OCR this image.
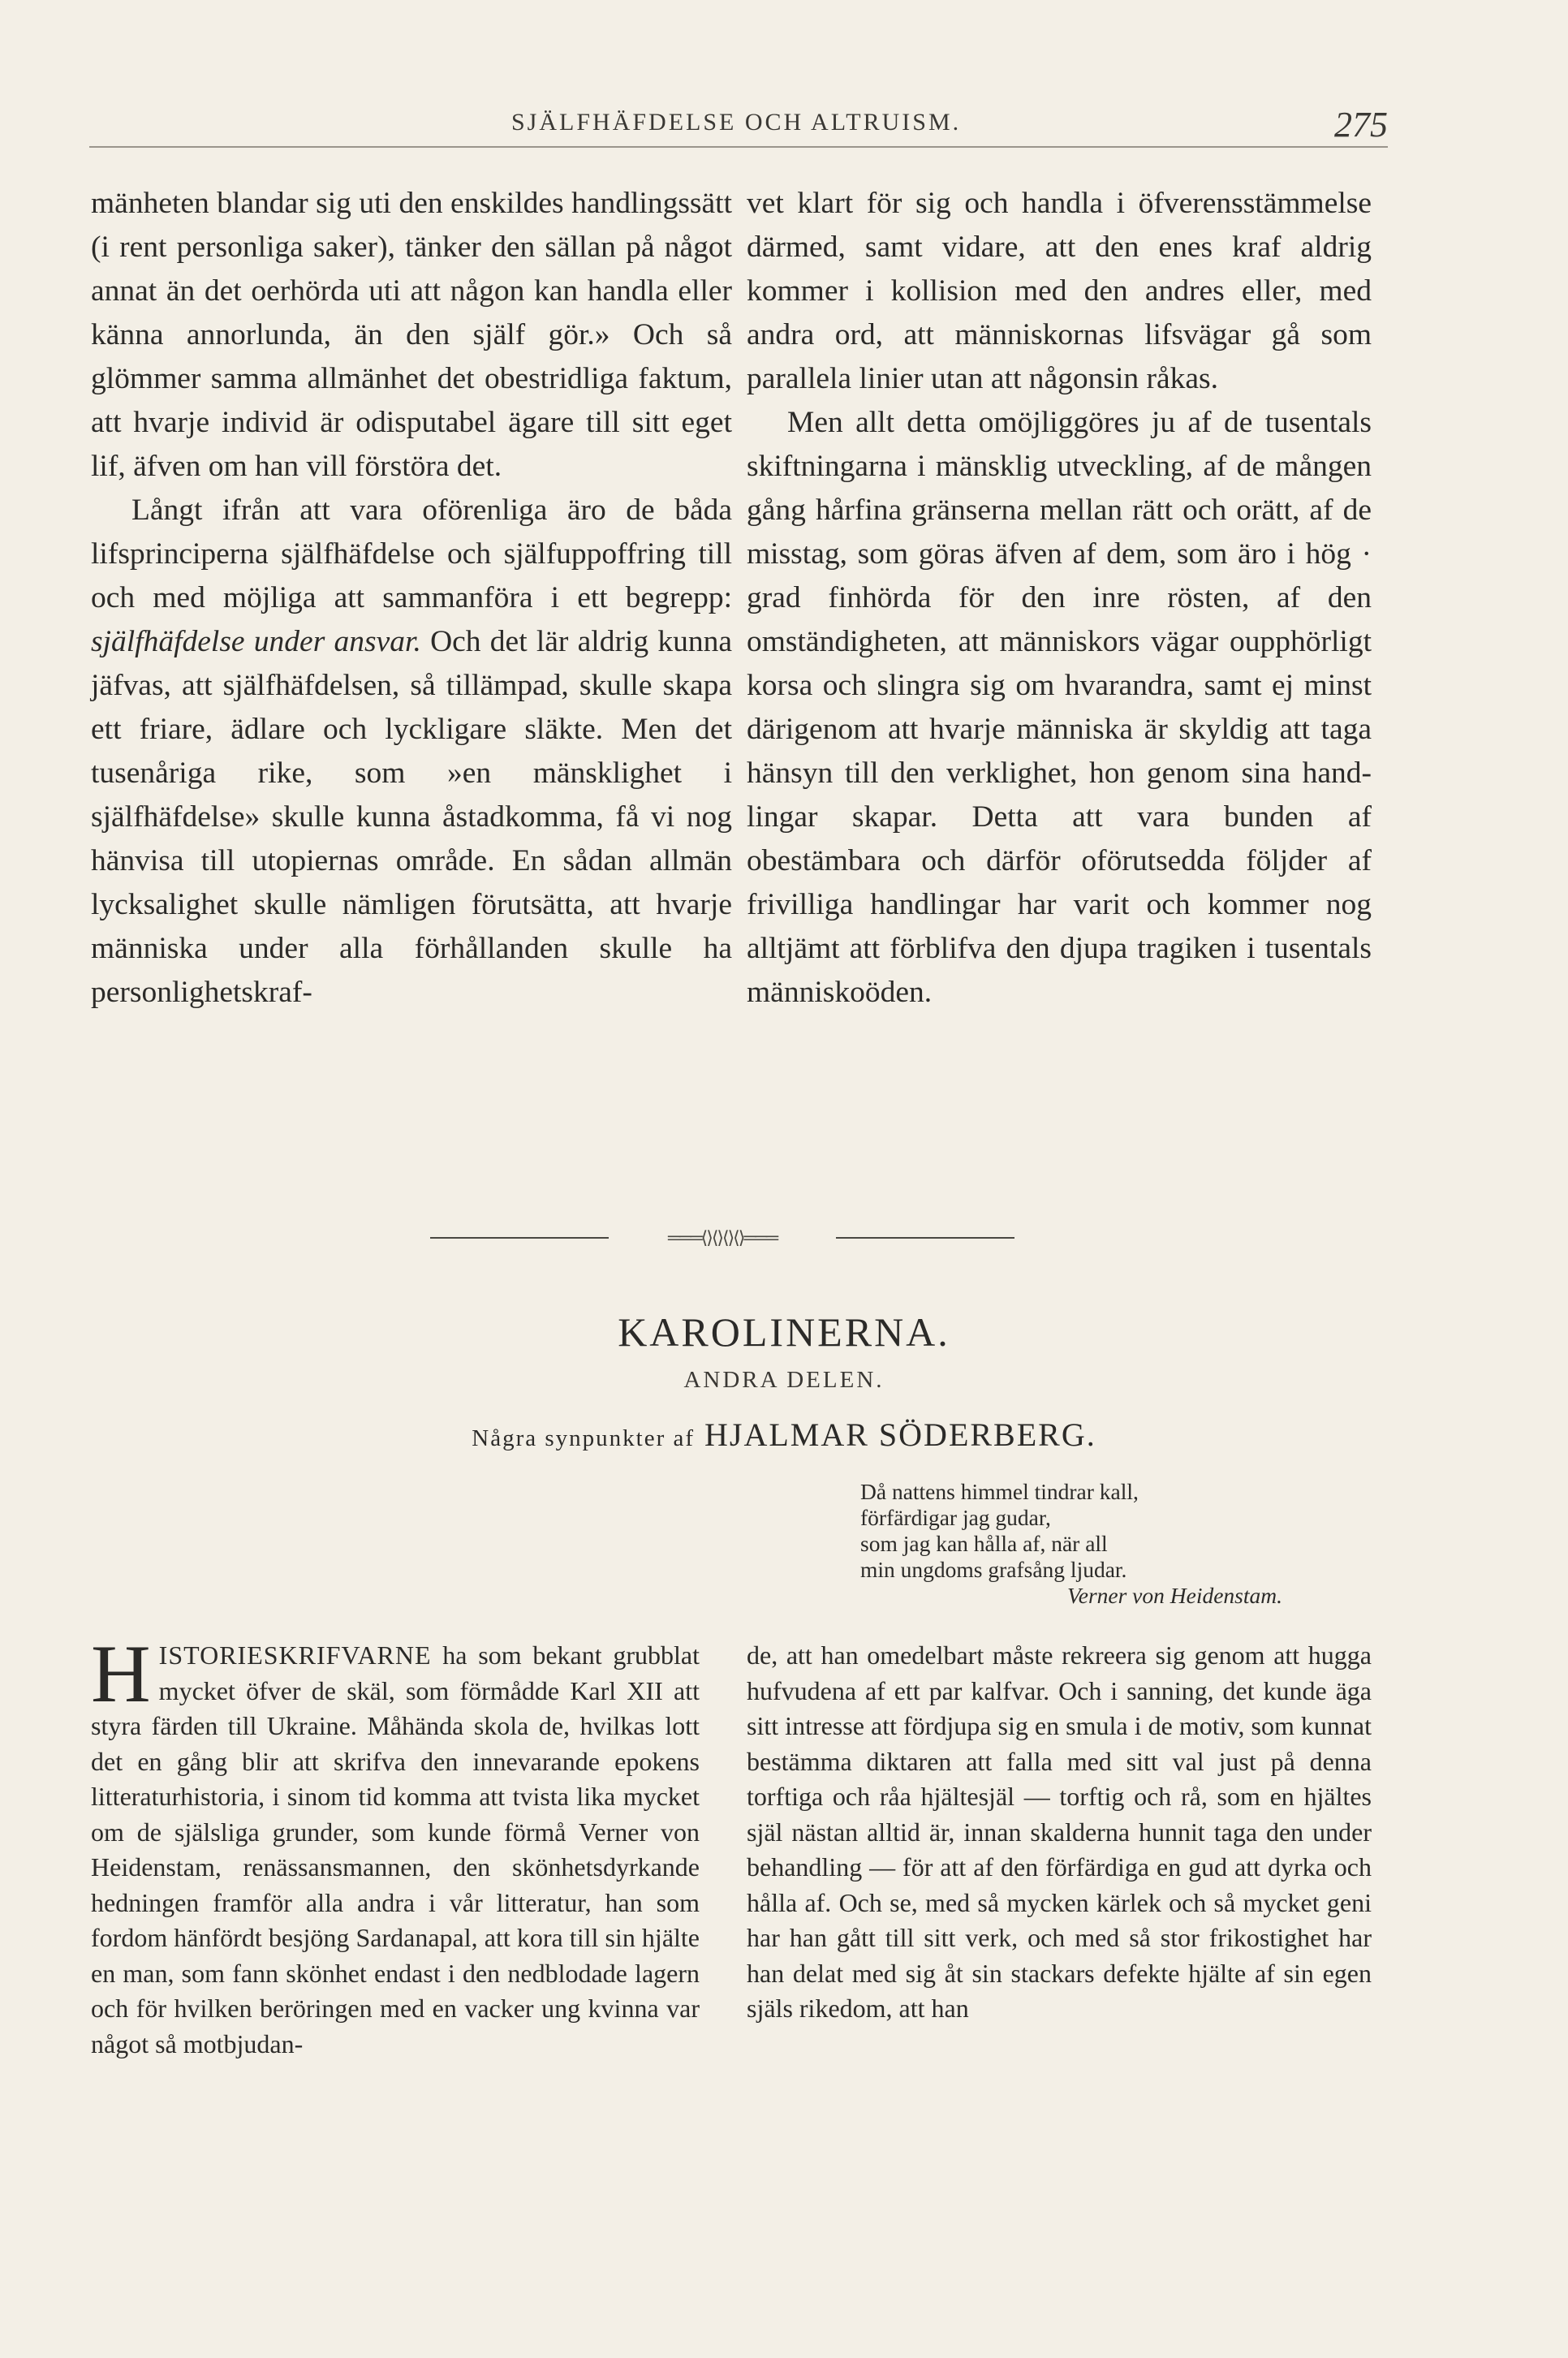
SJÄLFHÄFDELSE OCH ALTRUISM.	275

mänheten blandar sig uti den enskildes handlingssätt (i rent personliga saker), tänker den sällan på något annat än det oerhörda uti att någon kan handla eller känna annorlunda, än den själf gör.» Och så glömmer samma allmänhet det obestridliga faktum, att hvarje individ är odisputabel ägare till sitt eget lif, äfven om han vill förstöra det.

Långt ifrån att vara oförenliga äro de båda lifsprinciperna själfhäfdelse och själfuppoffring till och med möjliga att sammanföra i ett begrepp: själfhäfdelse under ansvar. Och det lär aldrig kunna jäfvas, att själfhäfdelsen, så tillämpad, skulle skapa ett friare, ädlare och lyckligare släkte. Men det tusenåriga rike, som »en mänsklighet i själfhäfdelse» skulle kunna åstadkomma, få vi nog hänvisa till utopiernas område. En sådan allmän lycksalighet skulle nämligen förutsätta, att hvarje människa under alla förhållanden skulle ha personlighetskraf-

vet klart för sig och handla i öfverensstämmelse därmed, samt vidare, att den enes kraf aldrig kommer i kollision med den andres eller, med andra ord, att människornas lifsvägar gå som parallela linier utan att någonsin råkas.

Men allt detta omöjliggöres ju af de tusentals skiftningarna i mänsklig utveckling, af de mången gång hårfina gränserna mellan rätt och orätt, af de misstag, som göras äfven af dem, som äro i hög · grad finhörda för den inre rösten, af den omständigheten, att människors vägar oupphörligt korsa och slingra sig om hvarandra, samt ej minst därigenom att hvarje människa är skyldig att taga hänsyn till den verklighet, hon genom sina handlingar skapar. Detta att vara bunden af obestämbara och därför oförutsedda följder af frivilliga handlingar har varit och kommer nog alltjämt att förblifva den djupa tragiken i tusentals människoöden.

═══⟨⟩⟨⟩⟨⟩⟨⟩═══
KAROLINERNA.
ANDRA DELEN.
Några synpunkter af HJALMAR SÖDERBERG.
Då nattens himmel tindrar kall,
förfärdigar jag gudar,
som jag kan hålla af, när all
min ungdoms grafsång ljudar.
Verner von Heidenstam.

HISTORIESKRIFVARNE ha som bekant grubblat mycket öfver de skäl, som förmådde Karl XII att styra färden till Ukraine. Måhända skola de, hvilkas lott det en gång blir att skrifva den innevarande epokens litteraturhistoria, i sinom tid komma att tvista lika mycket om de själsliga grunder, som kunde förmå Verner von Heidenstam, renässansmannen, den skönhetsdyrkande hedningen framför alla andra i vår litteratur, han som fordom hänfördt besjöng Sardanapal, att kora till sin hjälte en man, som fann skönhet endast i den nedblodade lagern och för hvilken beröringen med en vacker ung kvinna var något så motbjudan-

de, att han omedelbart måste rekreera sig genom att hugga hufvudena af ett par kalfvar. Och i sanning, det kunde äga sitt intresse att fördjupa sig en smula i de motiv, som kunnat bestämma diktaren att falla med sitt val just på denna torftiga och råa hjältesjäl — torftig och rå, som en hjältes själ nästan alltid är, innan skalderna hunnit taga den under behandling — för att af den förfärdiga en gud att dyrka och hålla af. Och se, med så mycken kärlek och så mycket geni har han gått till sitt verk, och med så stor frikostighet har han delat med sig åt sin stackars defekte hjälte af sin egen själs rikedom, att han
